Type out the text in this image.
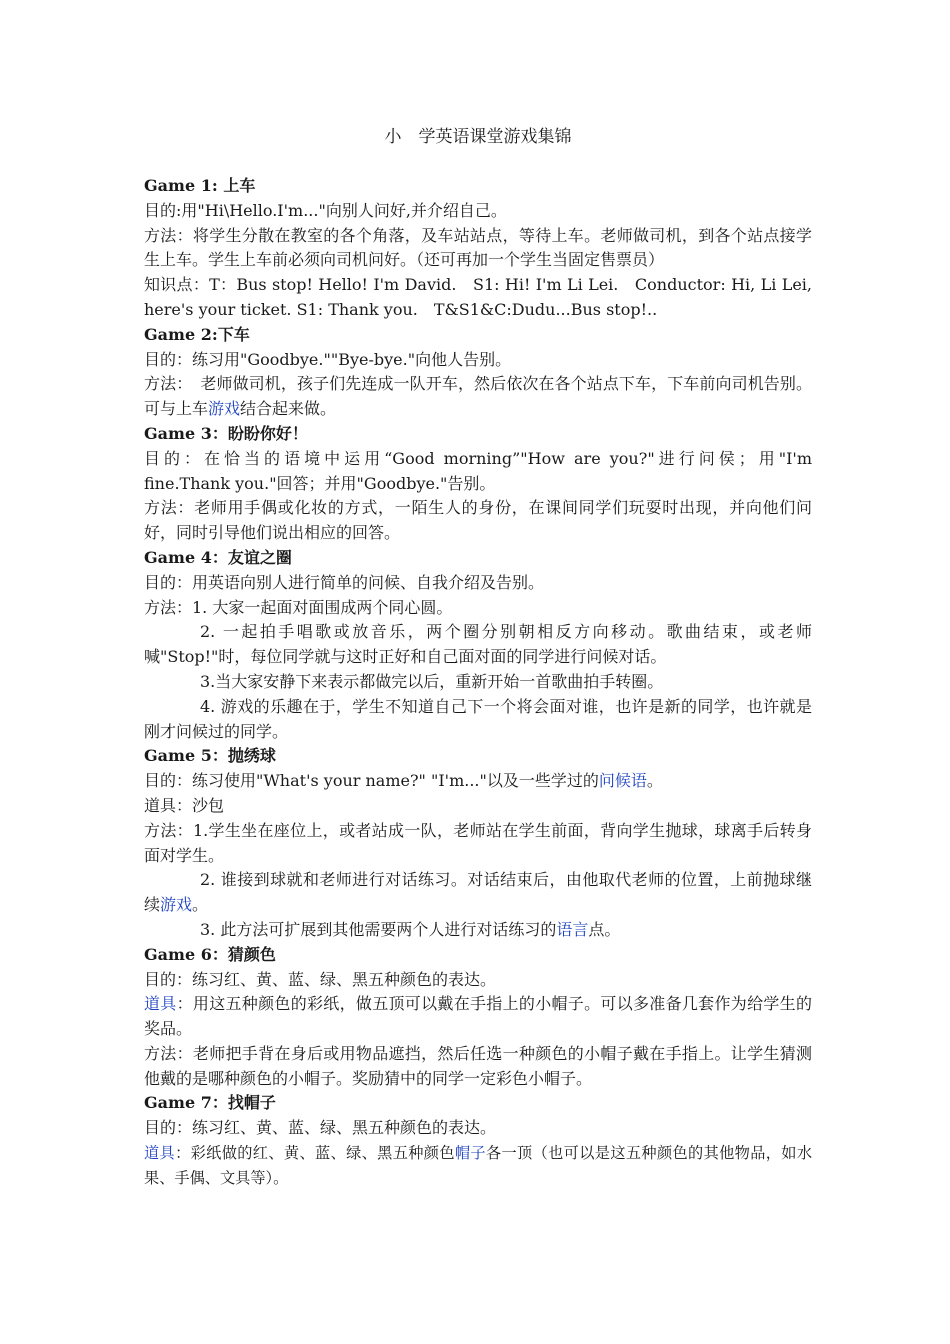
小　学英语课堂游戏集锦

Game 1: 上车

目的:用"Hi\Hello.I'm..."向别人问好,并介绍自己。

方法：将学生分散在教室的各个角落，及车站站点，等待上车。老师做司机，到各个站点接学生上车。学生上车前必须向司机问好。（还可再加一个学生当固定售票员）

知识点：T：Bus stop! Hello! I'm David.　S1: Hi! I'm Li Lei.　Conductor: Hi, Li Lei, here's your ticket. S1: Thank you.　T&S1&C:Dudu...Bus stop!..

Game 2:下车

目的：练习用"Goodbye.""Bye-bye."向他人告别。

方法：　老师做司机，孩子们先连成一队开车，然后依次在各个站点下车，下车前向司机告别。可与上车游戏结合起来做。

Game 3：盼盼你好！

目的：在恰当的语境中运用“Good morning”"How are you?"进行问侯；用"I'm fine.Thank you."回答；并用"Goodbye."告别。

方法：老师用手偶或化妆的方式，一陌生人的身份，在课间同学们玩耍时出现，并向他们问好，同时引导他们说出相应的回答。

Game 4：友谊之圈

目的：用英语向别人进行简单的问候、自我介绍及告别。

方法：1. 大家一起面对面围成两个同心圆。

2. 一起拍手唱歌或放音乐，两个圈分别朝相反方向移动。歌曲结束，或老师喊"Stop!"时，每位同学就与这时正好和自己面对面的同学进行问候对话。

3.当大家安静下来表示都做完以后，重新开始一首歌曲拍手转圈。

4. 游戏的乐趣在于，学生不知道自己下一个将会面对谁，也许是新的同学，也许就是刚才问候过的同学。

Game 5：抛绣球

目的：练习使用"What's your name?" "I'm..."以及一些学过的问候语。

道具：沙包

方法：1.学生坐在座位上，或者站成一队，老师站在学生前面，背向学生抛球，球离手后转身面对学生。

2. 谁接到球就和老师进行对话练习。对话结束后，由他取代老师的位置，上前抛球继续游戏。

3. 此方法可扩展到其他需要两个人进行对话练习的语言点。

Game 6：猜颜色

目的：练习红、黄、蓝、绿、黑五种颜色的表达。

道具：用这五种颜色的彩纸，做五顶可以戴在手指上的小帽子。可以多准备几套作为给学生的奖品。

方法：老师把手背在身后或用物品遮挡，然后任选一种颜色的小帽子戴在手指上。让学生猜测他戴的是哪种颜色的小帽子。奖励猜中的同学一定彩色小帽子。

Game 7：找帽子

目的：练习红、黄、蓝、绿、黑五种颜色的表达。

道具：彩纸做的红、黄、蓝、绿、黑五种颜色帽子各一顶（也可以是这五种颜色的其他物品，如水果、手偶、文具等）。
